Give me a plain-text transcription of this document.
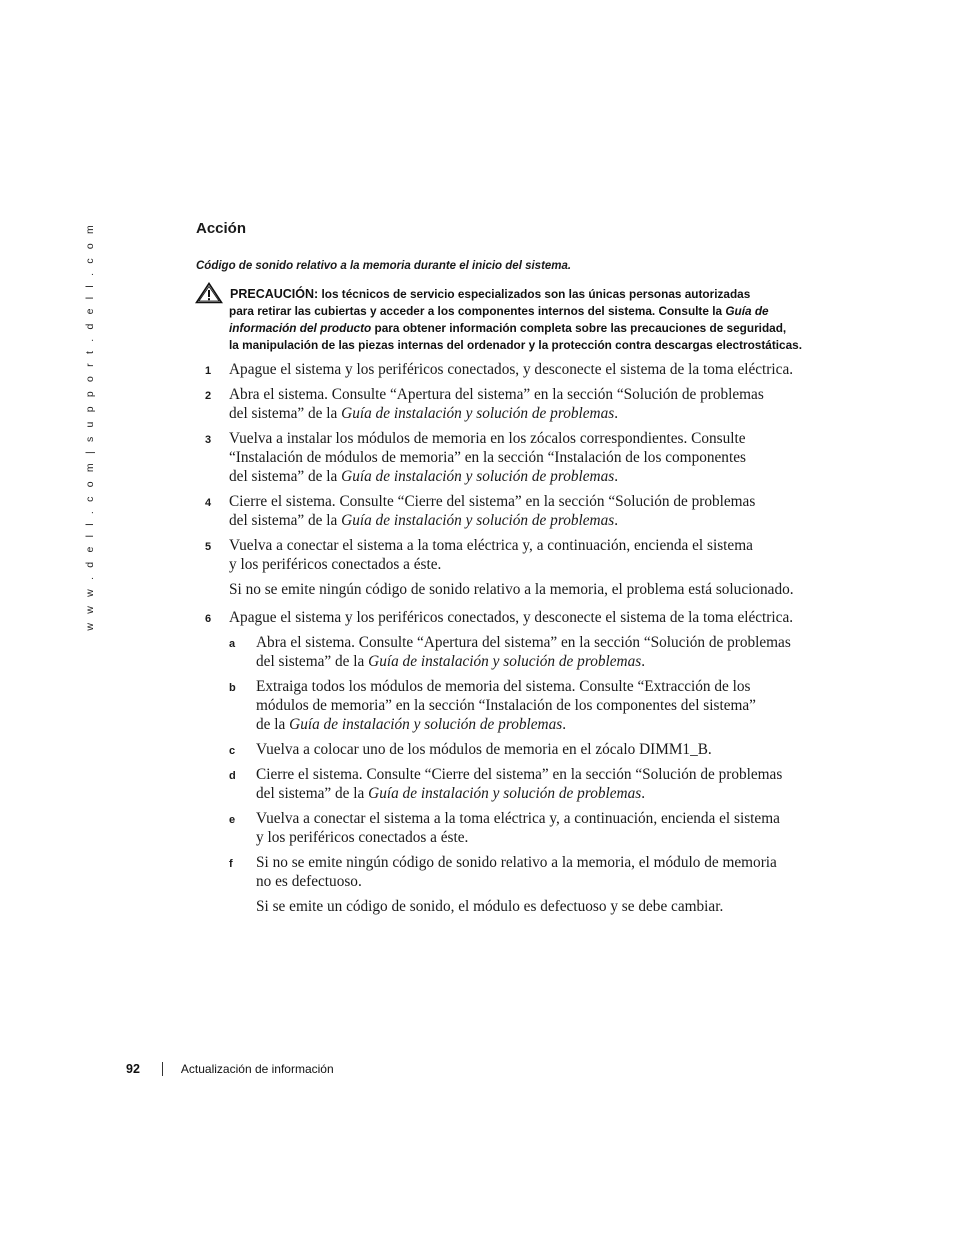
w w w . d e l l . c o m | s u p p o r t . d e l l . c o m	Acción

Código de sonido relativo a la memoria durante el inicio del sistema.

PRECAUCIÓN: los técnicos de servicio especializados son las únicas personas autorizadas
para retirar las cubiertas y acceder a los componentes internos del sistema. Consulte la Guía de
información del producto para obtener información completa sobre las precauciones de seguridad,
la manipulación de las piezas internas del ordenador y la protección contra descargas electrostáticas.
1 Apague el sistema y los periféricos conectados, y desconecte el sistema de la toma eléctrica.
2 Abra el sistema. Consulte “Apertura del sistema” en la sección “Solución de problemas
del sistema” de la Guía de instalación y solución de problemas.
3 Vuelva a instalar los módulos de memoria en los zócalos correspondientes. Consulte
“Instalación de módulos de memoria” en la sección “Instalación de los componentes
del sistema” de la Guía de instalación y solución de problemas.
4 Cierre el sistema. Consulte “Cierre del sistema” en la sección “Solución de problemas
del sistema” de la Guía de instalación y solución de problemas.
5 Vuelva a conectar el sistema a la toma eléctrica y, a continuación, encienda el sistema
y los periféricos conectados a éste.
Si no se emite ningún código de sonido relativo a la memoria, el problema está solucionado.
6 Apague el sistema y los periféricos conectados, y desconecte el sistema de la toma eléctrica.
a Abra el sistema. Consulte “Apertura del sistema” en la sección “Solución de problemas
del sistema” de la Guía de instalación y solución de problemas.
b Extraiga todos los módulos de memoria del sistema. Consulte “Extracción de los
módulos de memoria” en la sección “Instalación de los componentes del sistema”
de la Guía de instalación y solución de problemas.
c Vuelva a colocar uno de los módulos de memoria en el zócalo DIMM1_B.
d Cierre el sistema. Consulte “Cierre del sistema” en la sección “Solución de problemas
del sistema” de la Guía de instalación y solución de problemas.
e Vuelva a conectar el sistema a la toma eléctrica y, a continuación, encienda el sistema
y los periféricos conectados a éste.
f Si no se emite ningún código de sonido relativo a la memoria, el módulo de memoria
no es defectuoso.
Si se emite un código de sonido, el módulo es defectuoso y se debe cambiar.
92	Actualización de información
